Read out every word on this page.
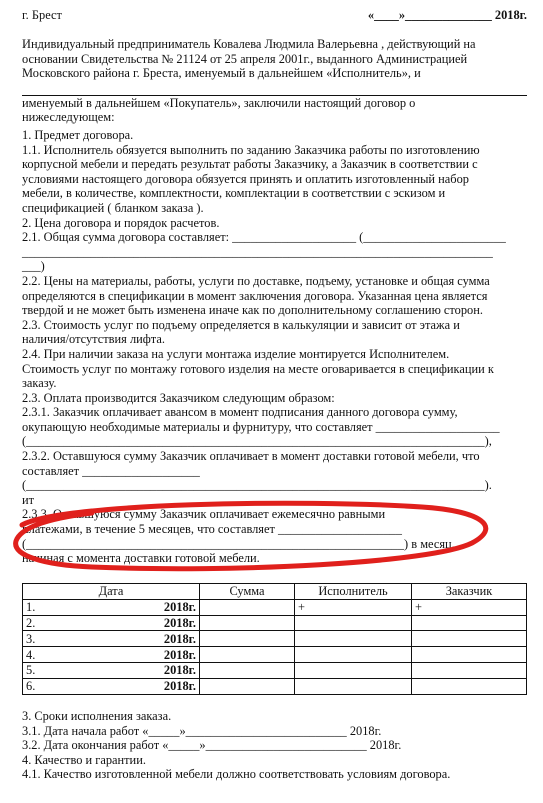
г. Брест	«____»______________ 2018г.
Индивидуальный предприниматель Ковалева Людмила Валерьевна , действующий на
основании Свидетельства № 21124 от 25 апреля 2001г., выданного Администрацией
Московского района г. Бреста, именуемый в дальнейшем «Исполнитель», и
именуемый в дальнейшем «Покупатель», заключили настоящий договор о
нижеследующем:
1. Предмет договора.
1.1. Исполнитель обязуется выполнить по заданию Заказчика работы по изготовлению
корпусной мебели и передать результат работы Заказчику, а Заказчик в соответствии с
условиями настоящего договора обязуется принять и оплатить изготовленный набор
мебели, в количестве, комплектности, комплектации в соответствии с эскизом и
спецификацией ( бланком заказа ).
2. Цена договора и порядок расчетов.
2.1. Общая сумма договора составляет: ____________________ (_______________________
____________________________________________________________________________
___)
2.2. Цены на материалы, работы, услуги по доставке, подъему, установке и общая сумма
определяются в спецификации в момент заключения договора. Указанная цена является
твердой и не может быть изменена иначе как по дополнительному соглашению сторон.
2.3. Стоимость услуг по подъему определяется в калькуляции и зависит от этажа и
наличия/отсутствия лифта.
2.4. При наличии заказа на услуги монтажа изделие монтируется Исполнителем.
Стоимость услуг по монтажу готового изделия на месте оговаривается в спецификации к
заказу.
2.3. Оплата производится Заказчиком следующим образом:
2.3.1. Заказчик оплачивает авансом в момент подписания данного договора сумму,
окупающую необходимые материалы и фурнитуру, что составляет ____________________
(__________________________________________________________________________),
2.3.2. Оставшуюся сумму Заказчик оплачивает в момент доставки готовой мебели, что
составляет ___________________
(__________________________________________________________________________).
ит
2.3.3. Оставшуюся сумму Заказчик оплачивает ежемесячно равными
платежами, в течение 5 месяцев, что составляет ____________________
(_____________________________________________________________) в месяц,
начиная с момента доставки готовой мебели.
Дата	Сумма	Исполнитель	Заказчик
1. 2018г.		+	+
2. 2018г.			

3. 2018г.			

4. 2018г.			

5. 2018г.			

6. 2018г.			

3. Сроки исполнения заказа.
3.1. Дата начала работ «_____»__________________________ 2018г.
3.2. Дата окончания работ «_____»__________________________ 2018г.
4. Качество и гарантии.
4.1. Качество изготовленной мебели должно соответствовать условиям договора.
